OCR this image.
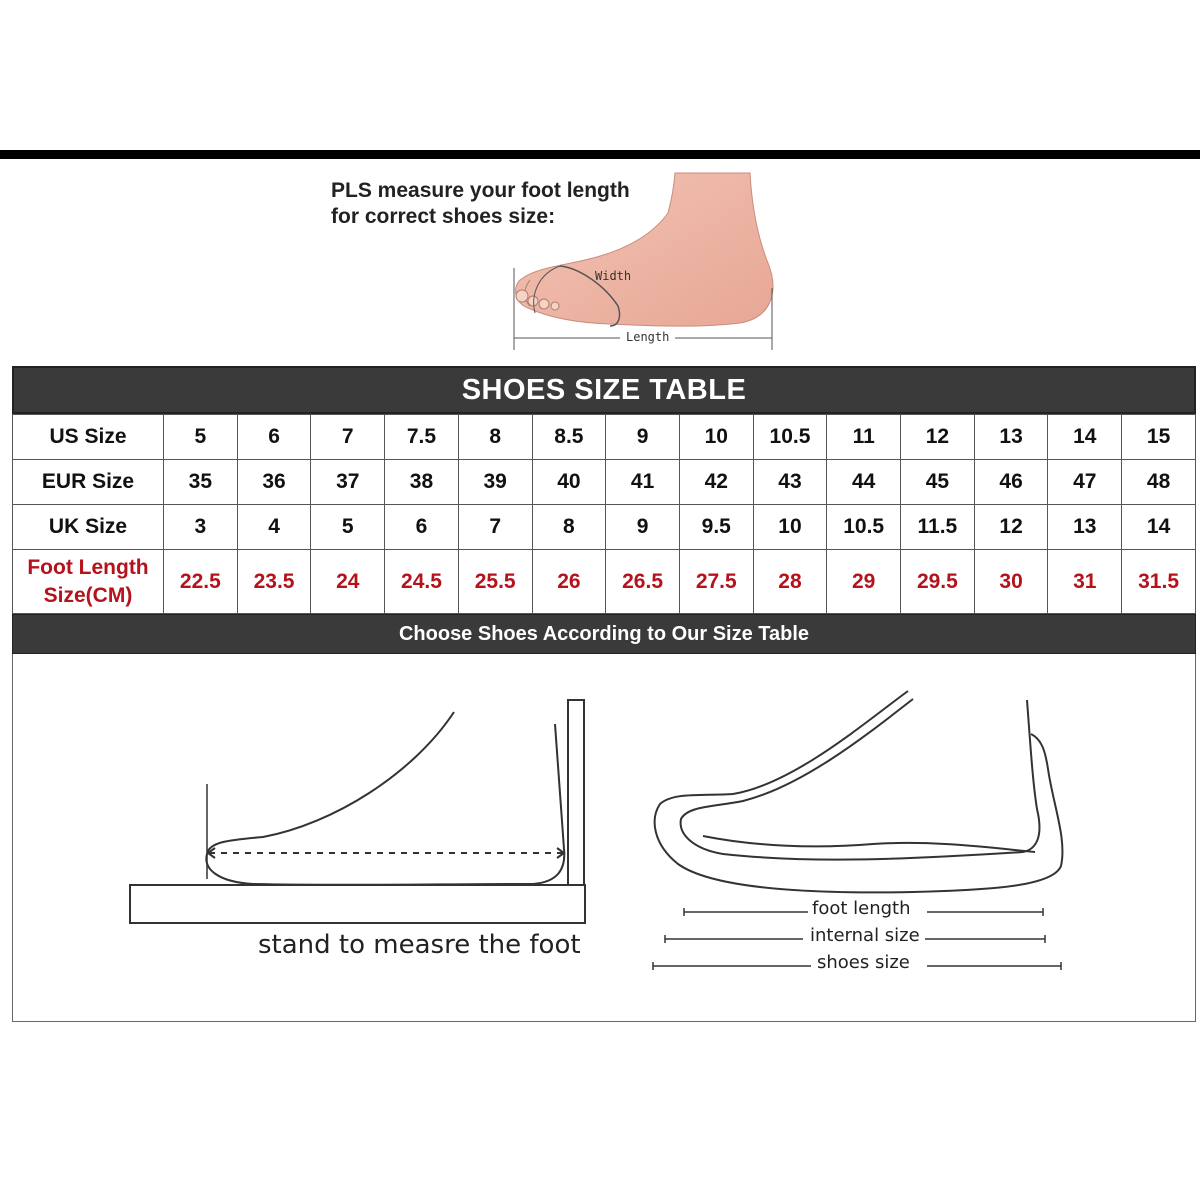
PLS measure your foot length
for correct shoes size:
Width
Length
SHOES SIZE TABLE
US Size	5	6	7	7.5	8	8.5	9	10	10.5	11	12	13	14	15
EUR Size	35	36	37	38	39	40	41	42	43	44	45	46	47	48
UK Size	3	4	5	6	7	8	9	9.5	10	10.5	11.5	12	13	14

Foot Length
Size(CM)	22.5	23.5	24	24.5	25.5	26	26.5	27.5	28	29	29.5	30	31	31.5
Choose Shoes According to Our Size Table
stand to measre the foot
foot length
internal size
shoes size
